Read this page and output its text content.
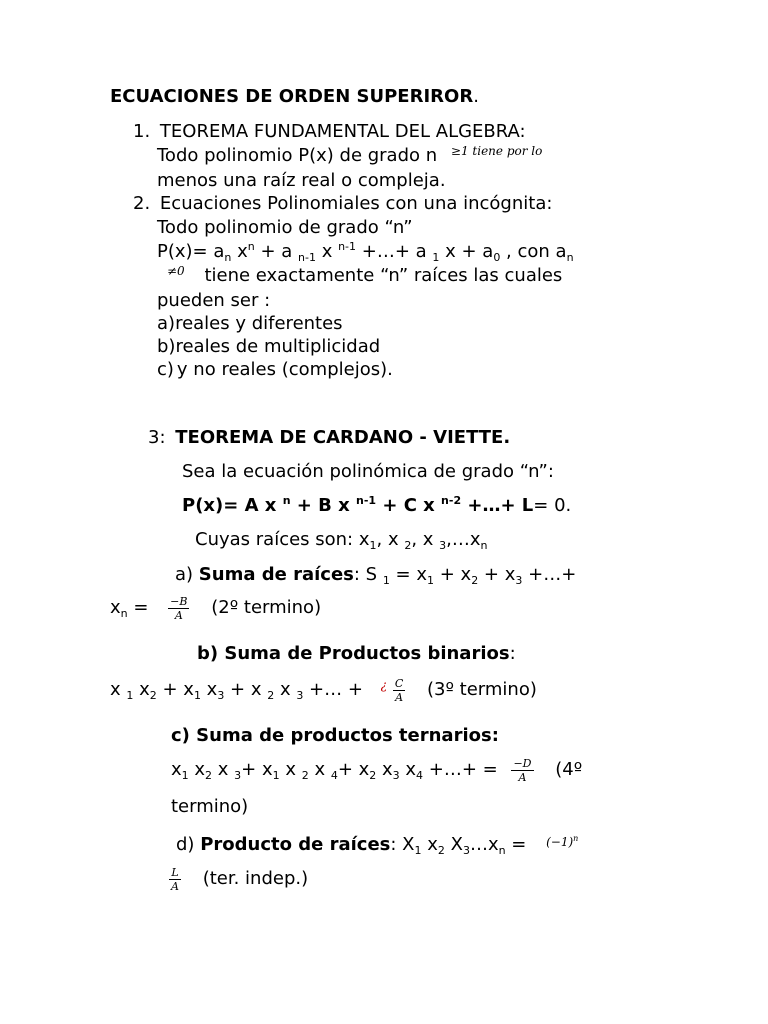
ECUACIONES DE ORDEN SUPERIROR.
1. TEOREMA FUNDAMENTAL DEL ALGEBRA:
Todo polinomio P(x) de grado n $^{\ge 1 tiene por lo}$
menos una raíz real o compleja.
2. Ecuaciones Polinomiales con una incógnita:
Todo polinomio de grado “n”
$P(x)= a_n$ $x^n + a$ $_{n-1}$ x $^{n-1}$ +…+ a $_1$ $x + a_0$ , con $a_n$
$^{\ne 0}$ tiene exactamente “n” raíces las cuales
pueden ser :
a)reales y diferentes
b)reales de multiplicidad
c) y no reales (complejos).
3: TEOREMA DE CARDANO - VIETTE.
Sea la ecuación polinómica de grado “n”:
P(x)= A x $^n$ + B x $^{n-1}$ + C x $^{n-2}$ +…+ L= 0.
Cuyas raíces son: $x_1$, x $_2$, x $_3,\dots x_n$
a) Suma de raíces: S $_1 = x_1 + x_2 + x_3$ +…+
$x_n = \frac{-B}{A}$ (2º termino)
b) Suma de Productos binarios:
x $_1$ $x_2 + x_1$ $x_3 + x$ $_2$ x $_3$ +… + $^¿ \frac{C}{A}$ (3º termino)
c) Suma de productos ternarios:
$x_1$ $x_2$ x $_3+ x_1$ x $_2$ x $_4+ x_2$ $x_3$ $x_4$ +…+ = $\frac{-D}{A}$ (4º
termino)
d) Producto de raíces: $X_1$ $x_2$ $X_3\dots x_n = ^{(-1)^n}$
$\frac{L}{A} (ter$. indep.)
